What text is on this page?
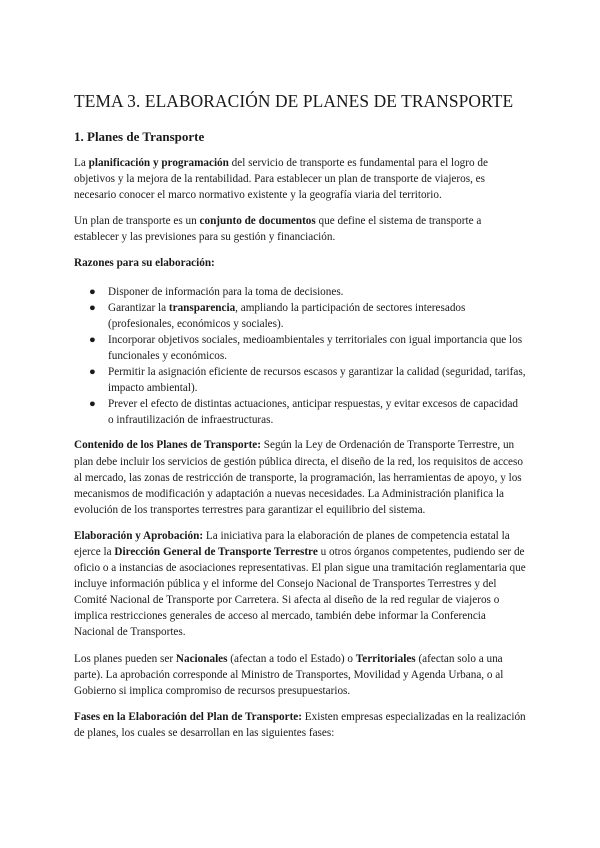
TEMA 3. ELABORACIÓN DE PLANES DE TRANSPORTE
1. Planes de Transporte

La planificación y programación del servicio de transporte es fundamental para el logro de objetivos y la mejora de la rentabilidad. Para establecer un plan de transporte de viajeros, es necesario conocer el marco normativo existente y la geografía viaria del territorio.

Un plan de transporte es un conjunto de documentos que define el sistema de transporte a establecer y las previsiones para su gestión y financiación.

Razones para su elaboración:

● Disponer de información para la toma de decisiones.
● Garantizar la transparencia, ampliando la participación de sectores interesados (profesionales, económicos y sociales).
● Incorporar objetivos sociales, medioambientales y territoriales con igual importancia que los funcionales y económicos.
● Permitir la asignación eficiente de recursos escasos y garantizar la calidad (seguridad, tarifas, impacto ambiental).
● Prever el efecto de distintas actuaciones, anticipar respuestas, y evitar excesos de capacidad o infrautilización de infraestructuras.

Contenido de los Planes de Transporte: Según la Ley de Ordenación de Transporte Terrestre, un plan debe incluir los servicios de gestión pública directa, el diseño de la red, los requisitos de acceso al mercado, las zonas de restricción de transporte, la programación, las herramientas de apoyo, y los mecanismos de modificación y adaptación a nuevas necesidades. La Administración planifica la evolución de los transportes terrestres para garantizar el equilibrio del sistema.

Elaboración y Aprobación: La iniciativa para la elaboración de planes de competencia estatal la ejerce la Dirección General de Transporte Terrestre u otros órganos competentes, pudiendo ser de oficio o a instancias de asociaciones representativas. El plan sigue una tramitación reglamentaria que incluye información pública y el informe del Consejo Nacional de Transportes Terrestres y del Comité Nacional de Transporte por Carretera. Si afecta al diseño de la red regular de viajeros o implica restricciones generales de acceso al mercado, también debe informar la Conferencia Nacional de Transportes.

Los planes pueden ser Nacionales (afectan a todo el Estado) o Territoriales (afectan solo a una parte). La aprobación corresponde al Ministro de Transportes, Movilidad y Agenda Urbana, o al Gobierno si implica compromiso de recursos presupuestarios.

Fases en la Elaboración del Plan de Transporte: Existen empresas especializadas en la realización de planes, los cuales se desarrollan en las siguientes fases:
